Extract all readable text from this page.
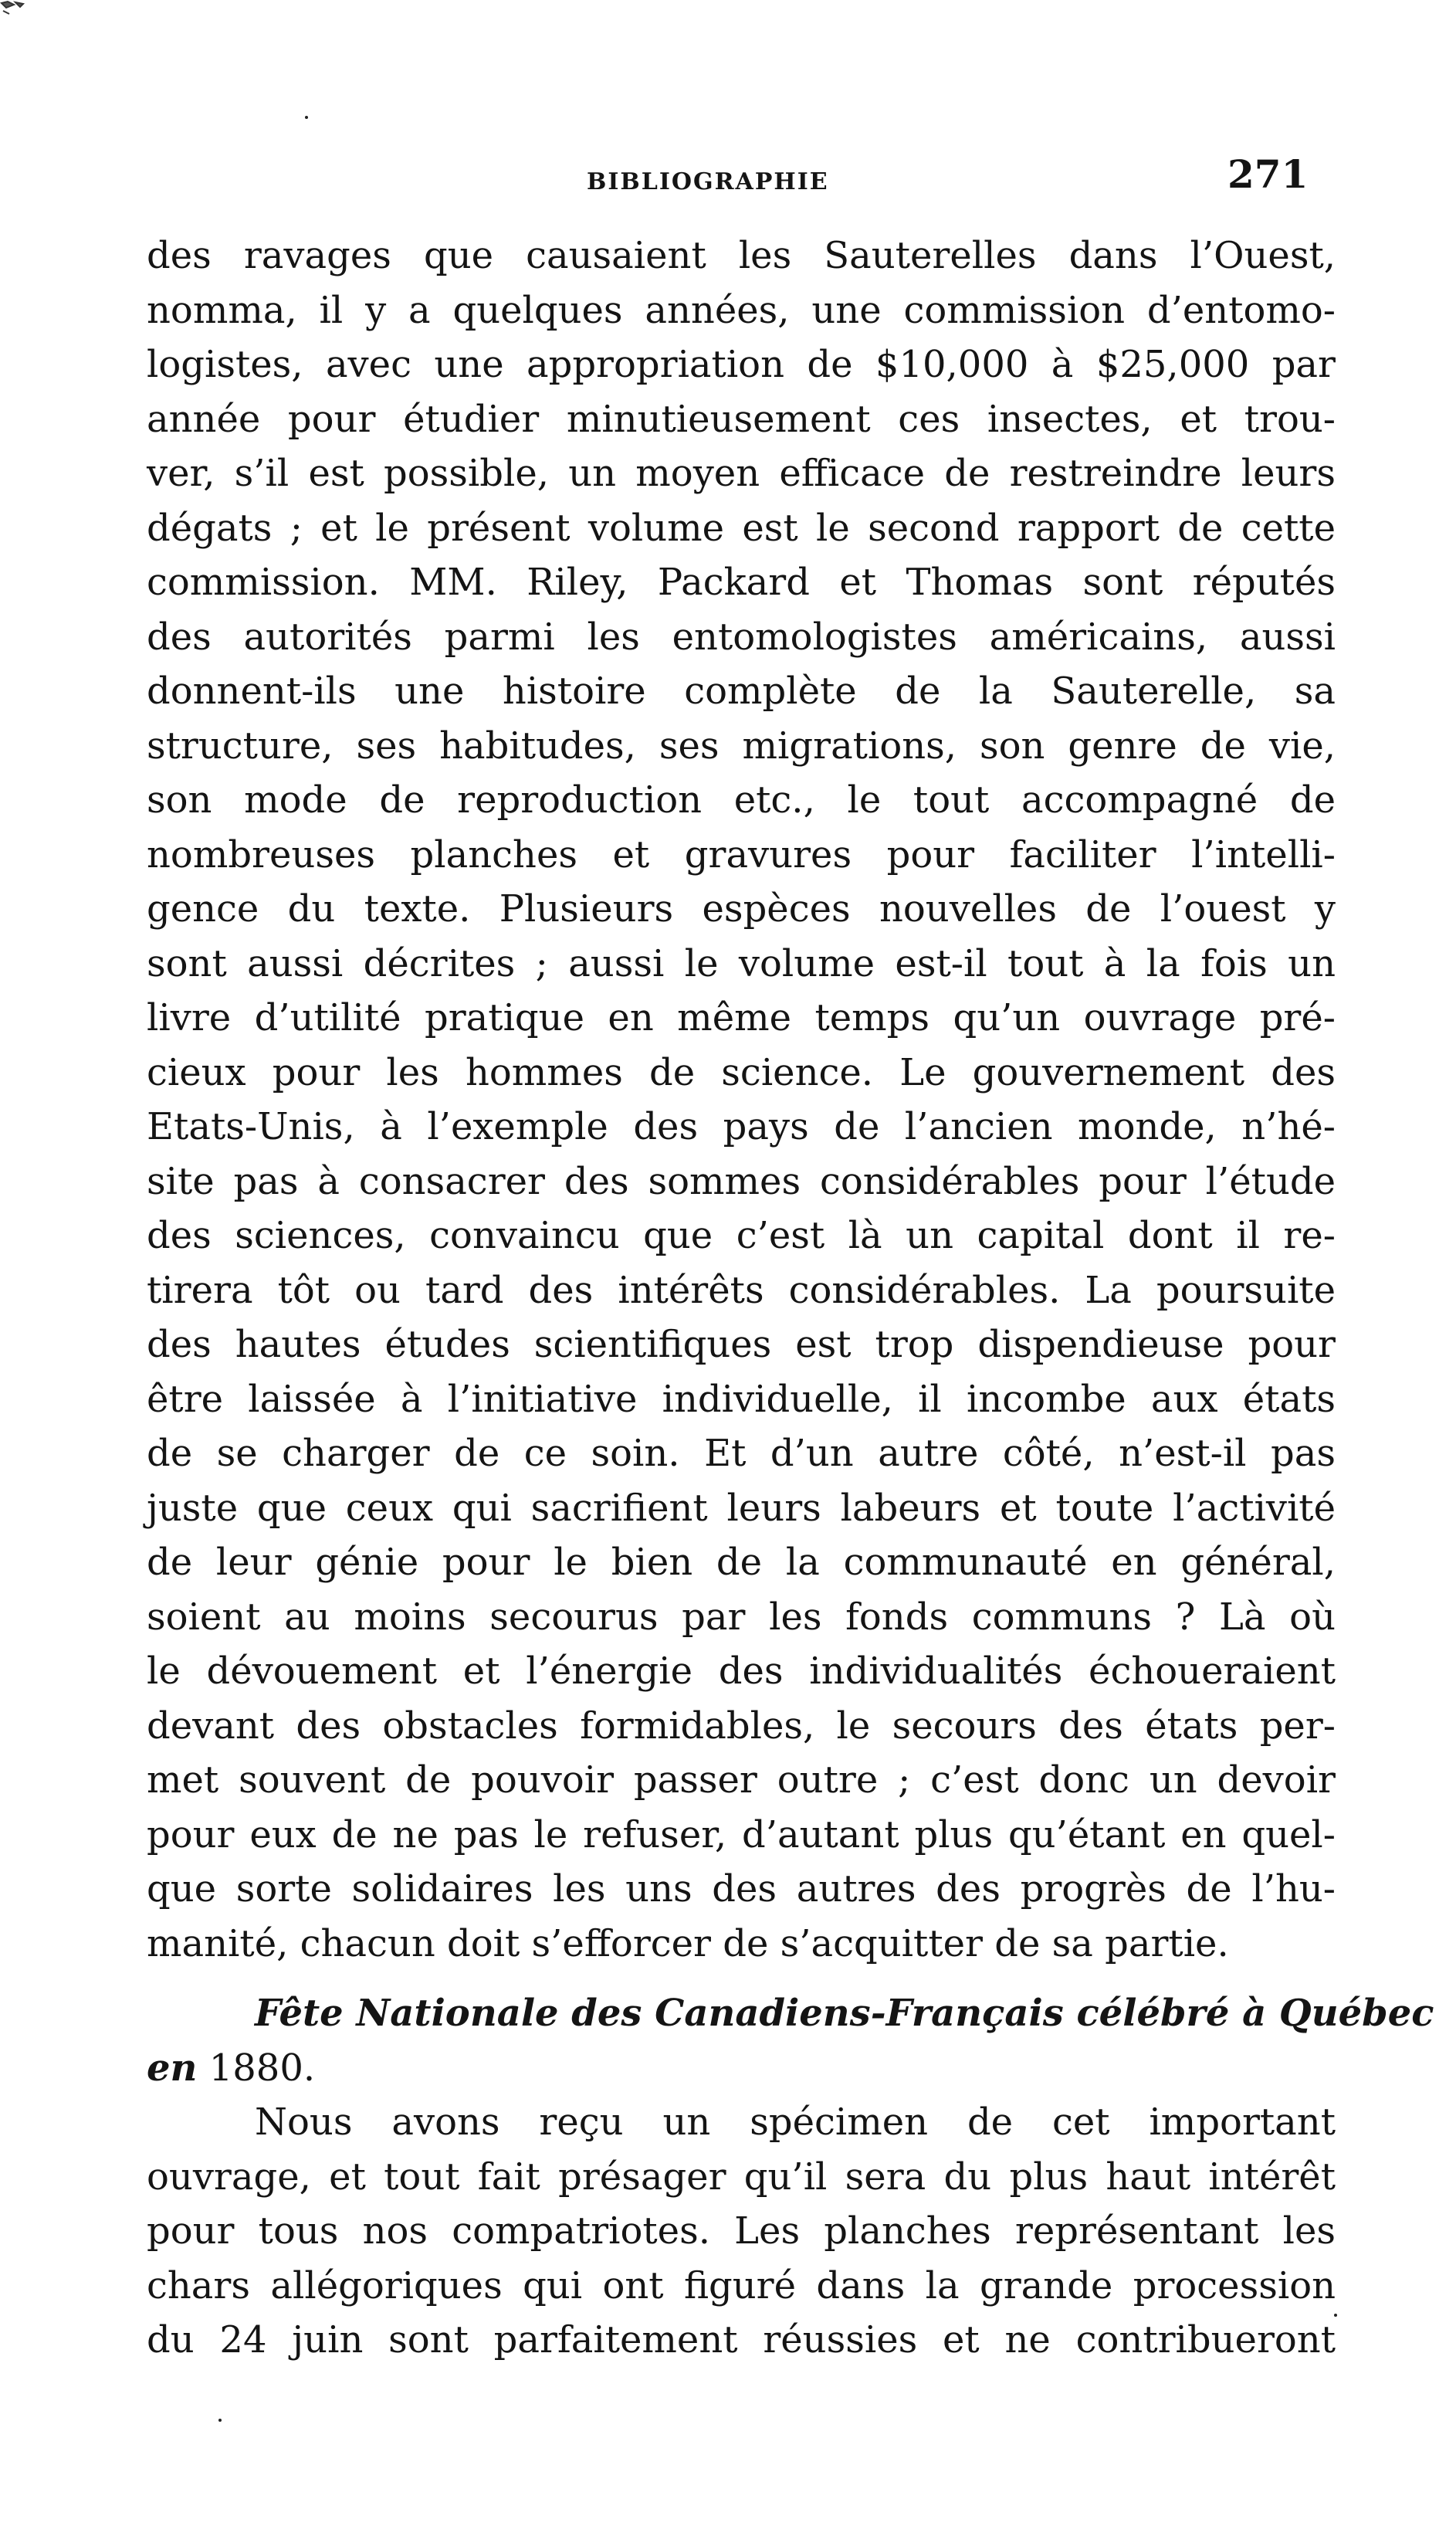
BIBLIOGRAPHIE	271
des ravages que causaient les Sauterelles dans l’Ouest,
nomma, il y a quelques années, une commission d’entomo-
logistes, avec une appropriation de $10,000 à $25,000 par
année pour étudier minutieusement ces insectes, et trou-
ver, s’il est possible, un moyen efficace de restreindre leurs
dégats ; et le présent volume est le second rapport de cette
commission. MM. Riley, Packard et Thomas sont réputés
des autorités parmi les entomologistes américains, aussi
donnent-ils une histoire complète de la Sauterelle, sa
structure, ses habitudes, ses migrations, son genre de vie,
son mode de reproduction etc., le tout accompagné de
nombreuses planches et gravures pour faciliter l’intelli-
gence du texte. Plusieurs espèces nouvelles de l’ouest y
sont aussi décrites ; aussi le volume est-il tout à la fois un
livre d’utilité pratique en même temps qu’un ouvrage pré-
cieux pour les hommes de science. Le gouvernement des
Etats-Unis, à l’exemple des pays de l’ancien monde, n’hé-
site pas à consacrer des sommes considérables pour l’étude
des sciences, convaincu que c’est là un capital dont il re-
tirera tôt ou tard des intérêts considérables. La poursuite
des hautes études scientifiques est trop dispendieuse pour
être laissée à l’initiative individuelle, il incombe aux états
de se charger de ce soin. Et d’un autre côté, n’est-il pas
juste que ceux qui sacrifient leurs labeurs et toute l’activité
de leur génie pour le bien de la communauté en général,
soient au moins secourus par les fonds communs ? Là où
le dévouement et l’énergie des individualités échoueraient
devant des obstacles formidables, le secours des états per-
met souvent de pouvoir passer outre ; c’est donc un devoir
pour eux de ne pas le refuser, d’autant plus qu’étant en quel-
que sorte solidaires les uns des autres des progrès de l’hu-
manité, chacun doit s’efforcer de s’acquitter de sa partie.
Fête Nationale des Canadiens-Français célébré à Québec
en 1880.
Nous avons reçu un spécimen de cet important
ouvrage, et tout fait présager qu’il sera du plus haut intérêt
pour tous nos compatriotes. Les planches représentant les
chars allégoriques qui ont figuré dans la grande procession
du 24 juin sont parfaitement réussies et ne contribueront
